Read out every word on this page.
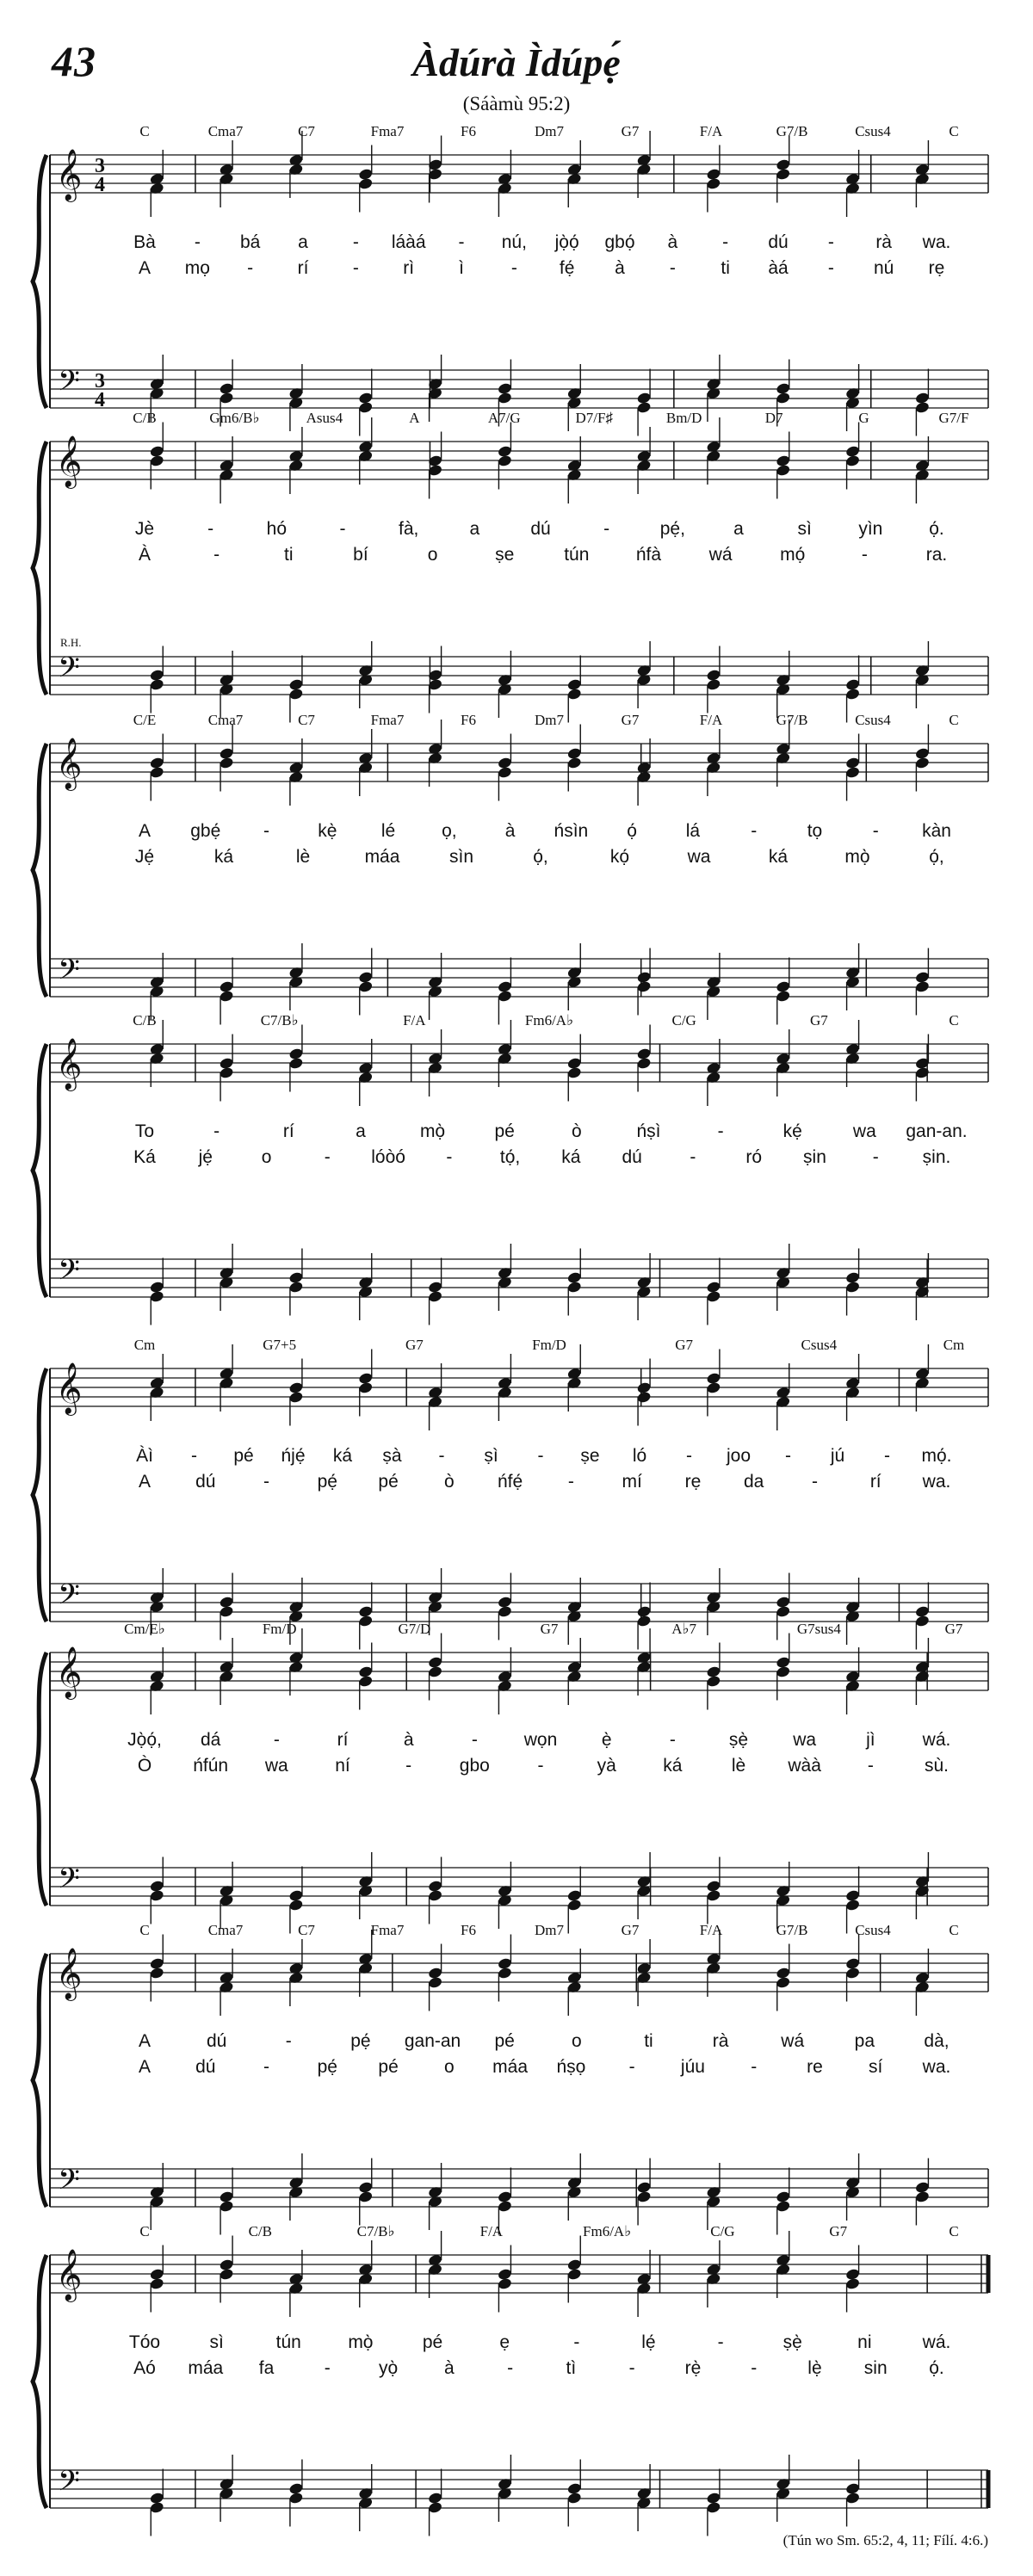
43	Àdúrà Ìdúpẹ́
(Sáàmù 95:2)
𝄞 3
4
𝄢 3
4
C	Cma7	C7	Fma7	F6	Dm7	G7	F/A	G7/B	Csus4	C
Bà - bá a - láàá - nú, jọ̀ọ́ gbọ́ à - dú - rà wa.
A mọ - rí - rì ì	- fẹ́ à -	ti àá - nú rẹ
𝄞
𝄢
C/B	Gm6/B♭	Asus4	A	A7/G	D7/F♯	Bm/D	D7	G	G7/F
Jè	-	hó	-	fà,	a	dú	-	pẹ́,	a	sì	yìn	ọ́.
À	-	ti	bí	o	ṣe	tún	ńfà	wá	mọ́	-	ra.
R.H.
𝄞
𝄢
C/E	Cma7	C7	Fma7	F6	Dm7	G7	F/A	G7/B	Csus4	C
A gbẹ́ -	kẹ̀ lé	ọ,	à ńsìn ọ́	lá	-	tọ	- kàn
Jẹ́	ká	lè	máa	sìn	ọ́,	kọ́	wa	ká	mọ̀	ọ́,
𝄞
𝄢
C/B	C7/B♭	F/A	Fm6/A♭	C/G	G7	C
To	-	rí	a	mọ̀	pé	ò	ńṣì	-	kẹ́	wa gan-an.
Ká jẹ́	o	- lóòó -	tọ́, ká dú	-	ró ṣin	- ṣin.
𝄞
𝄢
Cm	G7+5	G7	Fm/D	G7	Csus4	Cm
Àì - pé ńjẹ́ ká ṣà - ṣì - ṣe ló - joo - jú - mọ́.
A dú	-	pẹ́ pé	ò ńfẹ́	-	mí rẹ da	-	rí wa.
𝄞
𝄢
Cm/E♭	Fm/D	G7/D	G7	A♭7	G7sus4	G7
Jọ̀ọ́, dá	-	rí	à	-	wọn ẹ̀	-	ṣẹ̀ wa	jì	wá.
Ò ńfún wa	ní	-	gbo	-	yà	ká	lè wàà	-	sù.
𝄞
𝄢
C	Cma7	C7	Fma7	F6	Dm7	G7	F/A	G7/B	Csus4	C
A	dú	-	pẹ́ gan-an pé	o	ti	rà	wá	pa	dà,
A dú	-	pẹ́ pé	o máa ńṣọ -	júu	-	re	sí wa.
𝄞
𝄢
C	C/B	C7/B♭	F/A	Fm6/A♭	C/G	G7	C
Tóo	sì	tún	mọ̀	pé	ẹ	-	lẹ́	-	ṣẹ̀	ni	wá.
Aó máa fa	-	yọ̀	à	-	tì	-	rẹ̀	-	lẹ̀ sin ọ́.
(Tún wo Sm. 65:2, 4, 11; Fílí. 4:6.)
